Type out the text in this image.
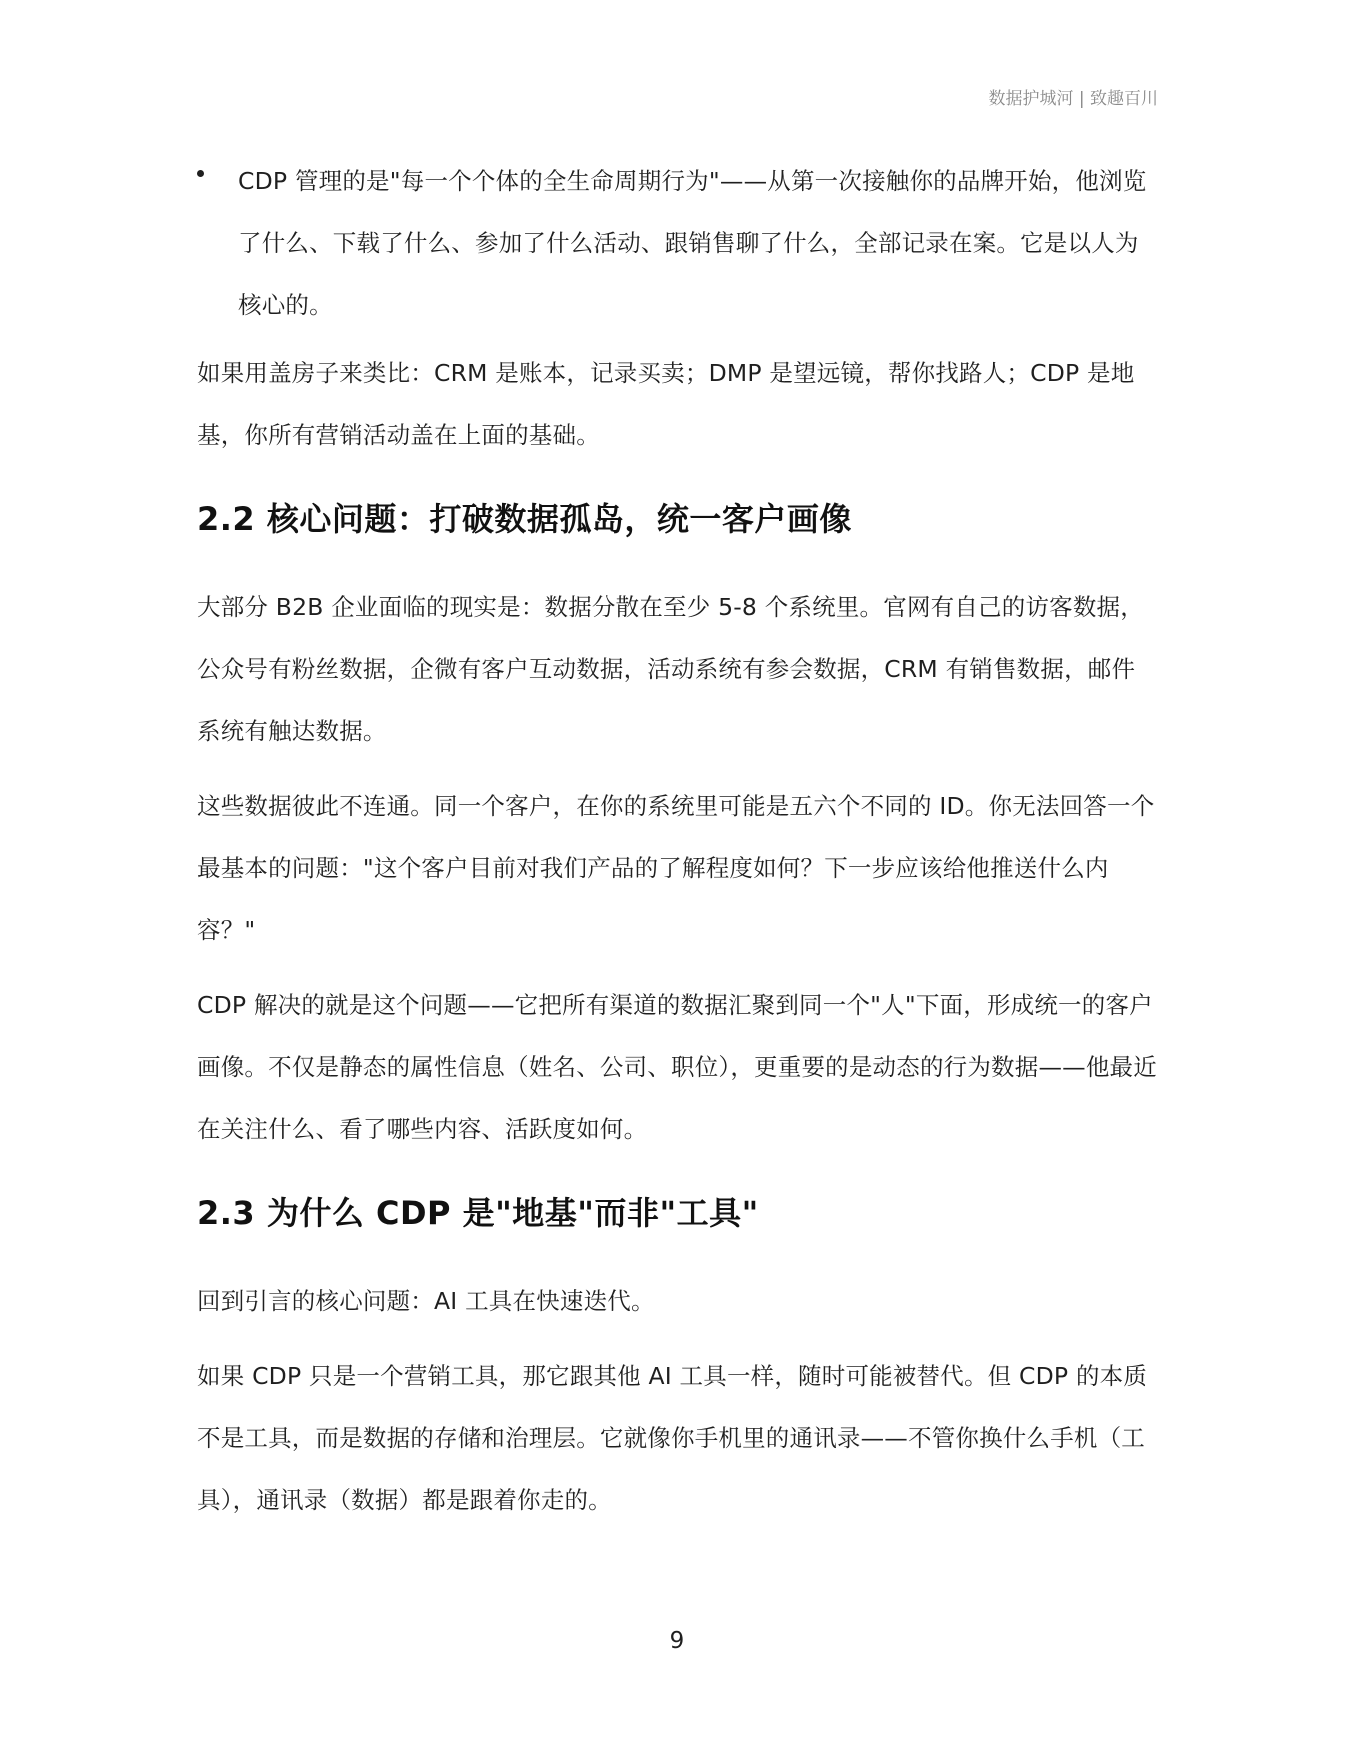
数据护城河 | 致趣百川

CDP 管理的是"每一个个体的全生命周期行为"——从第一次接触你的品牌开始，他浏览了什么、下载了什么、参加了什么活动、跟销售聊了什么，全部记录在案。它是以人为核心的。

如果用盖房子来类比：CRM 是账本，记录买卖；DMP 是望远镜，帮你找路人；CDP 是地基，你所有营销活动盖在上面的基础。

2.2 核心问题：打破数据孤岛，统一客户画像

大部分 B2B 企业面临的现实是：数据分散在至少 5-8 个系统里。官网有自己的访客数据，公众号有粉丝数据，企微有客户互动数据，活动系统有参会数据，CRM 有销售数据，邮件系统有触达数据。

这些数据彼此不连通。同一个客户，在你的系统里可能是五六个不同的 ID。你无法回答一个最基本的问题："这个客户目前对我们产品的了解程度如何？下一步应该给他推送什么内容？"

CDP 解决的就是这个问题——它把所有渠道的数据汇聚到同一个"人"下面，形成统一的客户画像。不仅是静态的属性信息（姓名、公司、职位），更重要的是动态的行为数据——他最近在关注什么、看了哪些内容、活跃度如何。

2.3 为什么 CDP 是"地基"而非"工具"

回到引言的核心问题：AI 工具在快速迭代。

如果 CDP 只是一个营销工具，那它跟其他 AI 工具一样，随时可能被替代。但 CDP 的本质不是工具，而是数据的存储和治理层。它就像你手机里的通讯录——不管你换什么手机（工具），通讯录（数据）都是跟着你走的。

9
